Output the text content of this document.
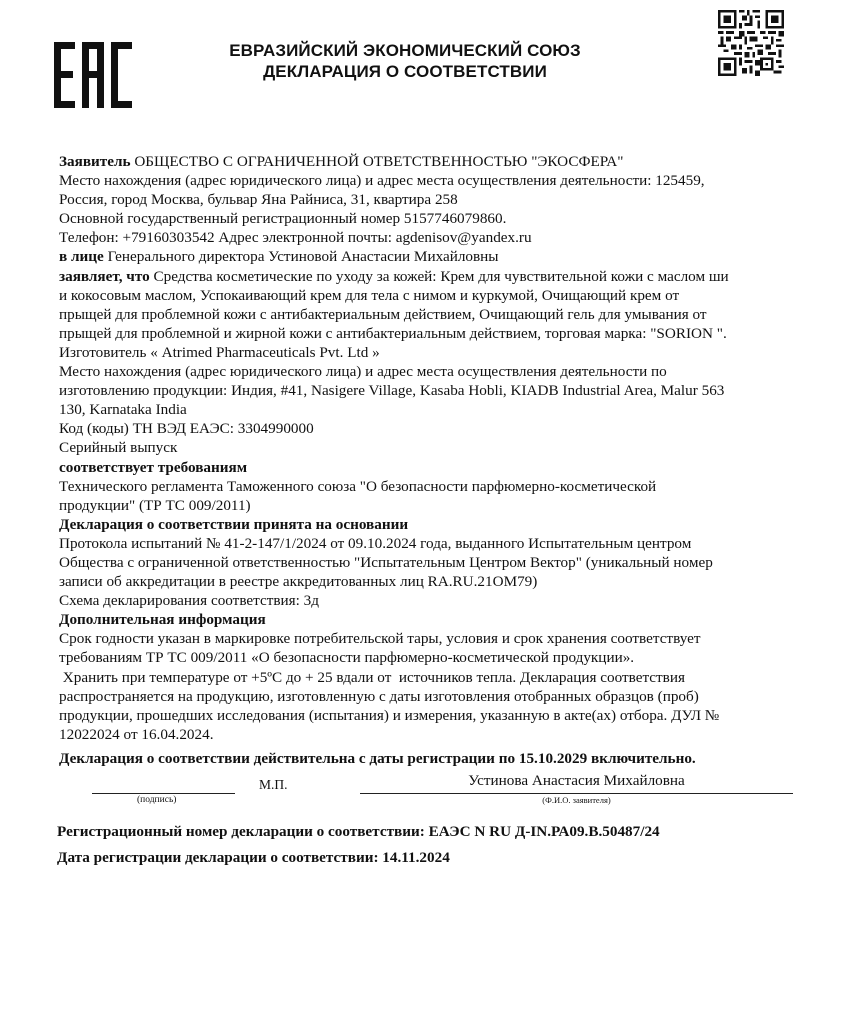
ЕВРАЗИЙСКИЙ ЭКОНОМИЧЕСКИЙ СОЮЗ
ДЕКЛАРАЦИЯ О СООТВЕТСТВИИ
Заявитель ОБЩЕСТВО С ОГРАНИЧЕННОЙ ОТВЕТСТВЕННОСТЬЮ "ЭКОСФЕРА"
Место нахождения (адрес юридического лица) и адрес места осуществления деятельности: 125459,
Россия, город Москва, бульвар Яна Райниса, 31, квартира 258
Основной государственный регистрационный номер 5157746079860.
Телефон: +79160303542 Адрес электронной почты: agdenisov@yandex.ru
в лице Генерального директора Устиновой Анастасии Михайловны
заявляет, что Средства косметические по уходу за кожей: Крем для чувствительной кожи с маслом ши
и кокосовым маслом, Успокаивающий крем для тела с нимом и куркумой, Очищающий крем от
прыщей для проблемной кожи с антибактериальным действием, Очищающий гель для умывания от
прыщей для проблемной и жирной кожи с антибактериальным действием, торговая марка: "SORION ".
Изготовитель « Atrimed Pharmaceuticals Pvt. Ltd »
Место нахождения (адрес юридического лица) и адрес места осуществления деятельности по
изготовлению продукции: Индия, #41, Nasigere Village, Kasaba Hobli, KIADB Industrial Area, Malur 563
130, Karnataka India
Код (коды) ТН ВЭД ЕАЭС: 3304990000
Серийный выпуск
соответствует требованиям
Технического регламента Таможенного союза "О безопасности парфюмерно-косметической
продукции" (ТР ТС 009/2011)
Декларация о соответствии принята на основании
Протокола испытаний № 41-2-147/1/2024 от 09.10.2024 года, выданного Испытательным центром
Общества с ограниченной ответственностью "Испытательным Центром Вектор" (уникальный номер
записи об аккредитации в реестре аккредитованных лиц RA.RU.21ОМ79)
Схема декларирования соответствия: 3д
Дополнительная информация
Срок годности указан в маркировке потребительской тары, условия и срок хранения соответствует
требованиям ТР ТС 009/2011 «О безопасности парфюмерно-косметической продукции».
Хранить при температуре от +5ºС до + 25 вдали от  источников тепла. Декларация соответствия
распространяется на продукцию, изготовленную с даты изготовления отобранных образцов (проб)
продукции, прошедших исследования (испытания) и измерения, указанную в акте(ах) отбора. ДУЛ №
12022024 от 16.04.2024.
Декларация о соответствии действительна с даты регистрации по 15.10.2029 включительно.
(подпись)
М.П.	Устинова Анастасия Михайловна
(Ф.И.О. заявителя)
Регистрационный номер декларации о соответствии: ЕАЭС N RU Д-IN.РА09.В.50487/24
Дата регистрации декларации о соответствии: 14.11.2024
